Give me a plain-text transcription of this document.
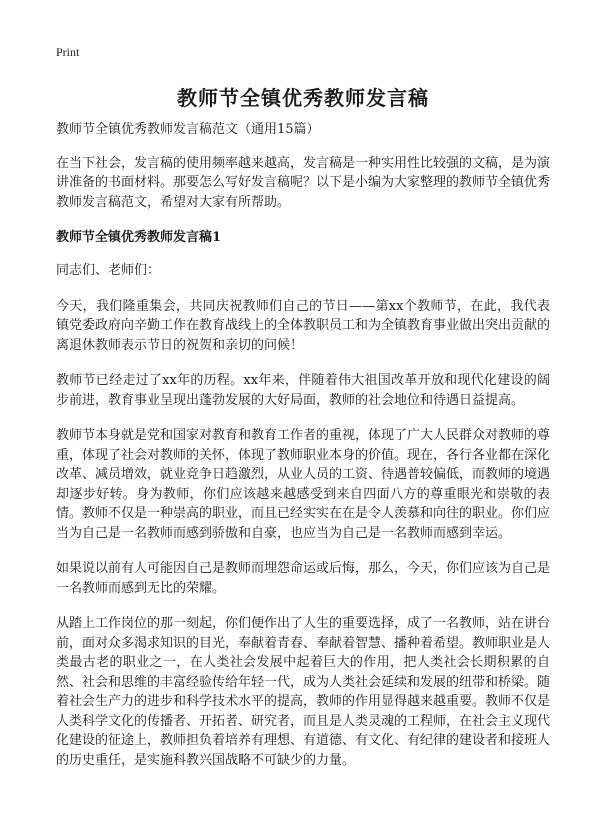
Print
教师节全镇优秀教师发言稿

教师节全镇优秀教师发言稿范文（通用15篇）

在当下社会，发言稿的使用频率越来越高，发言稿是一种实用性比较强的文稿，是为演讲准备的书面材料。那要怎么写好发言稿呢？以下是小编为大家整理的教师节全镇优秀教师发言稿范文，希望对大家有所帮助。

教师节全镇优秀教师发言稿1

同志们、老师们：

今天，我们隆重集会，共同庆祝教师们自己的节日——第xx个教师节，在此，我代表镇党委政府向辛勤工作在教育战线上的全体教职员工和为全镇教育事业做出突出贡献的离退休教师表示节日的祝贺和亲切的问候！

教师节已经走过了xx年的历程。xx年来，伴随着伟大祖国改革开放和现代化建设的阔步前进，教育事业呈现出蓬勃发展的大好局面，教师的社会地位和待遇日益提高。

教师节本身就是党和国家对教育和教育工作者的重视，体现了广大人民群众对教师的尊重，体现了社会对教师的关怀，体现了教师职业本身的价值。现在，各行各业都在深化改革、减员增效，就业竞争日趋激烈，从业人员的工资、待遇普较偏低，而教师的境遇却逐步好转。身为教师，你们应该越来越感受到来自四面八方的尊重眼光和崇敬的表情。教师不仅是一种崇高的职业，而且已经实实在在是令人羡慕和向往的职业。你们应当为自己是一名教师而感到骄傲和自豪，也应当为自己是一名教师而感到幸运。

如果说以前有人可能因自己是教师而埋怨命运或后悔，那么，今天，你们应该为自己是一名教师而感到无比的荣耀。

从踏上工作岗位的那一刻起，你们便作出了人生的重要选择，成了一名教师，站在讲台前，面对众多渴求知识的目光，奉献着青春、奉献着智慧、播种着希望。教师职业是人类最古老的职业之一，在人类社会发展中起着巨大的作用，把人类社会长期积累的自然、社会和思维的丰富经验传给年轻一代，成为人类社会延续和发展的纽带和桥梁。随着社会生产力的进步和科学技术水平的提高，教师的作用显得越来越重要。教师不仅是人类科学文化的传播者、开拓者、研究者，而且是人类灵魂的工程师，在社会主义现代化建设的征途上，教师担负着培养有理想、有道德、有文化、有纪律的建设者和接班人的历史重任，是实施科教兴国战略不可缺少的力量。
